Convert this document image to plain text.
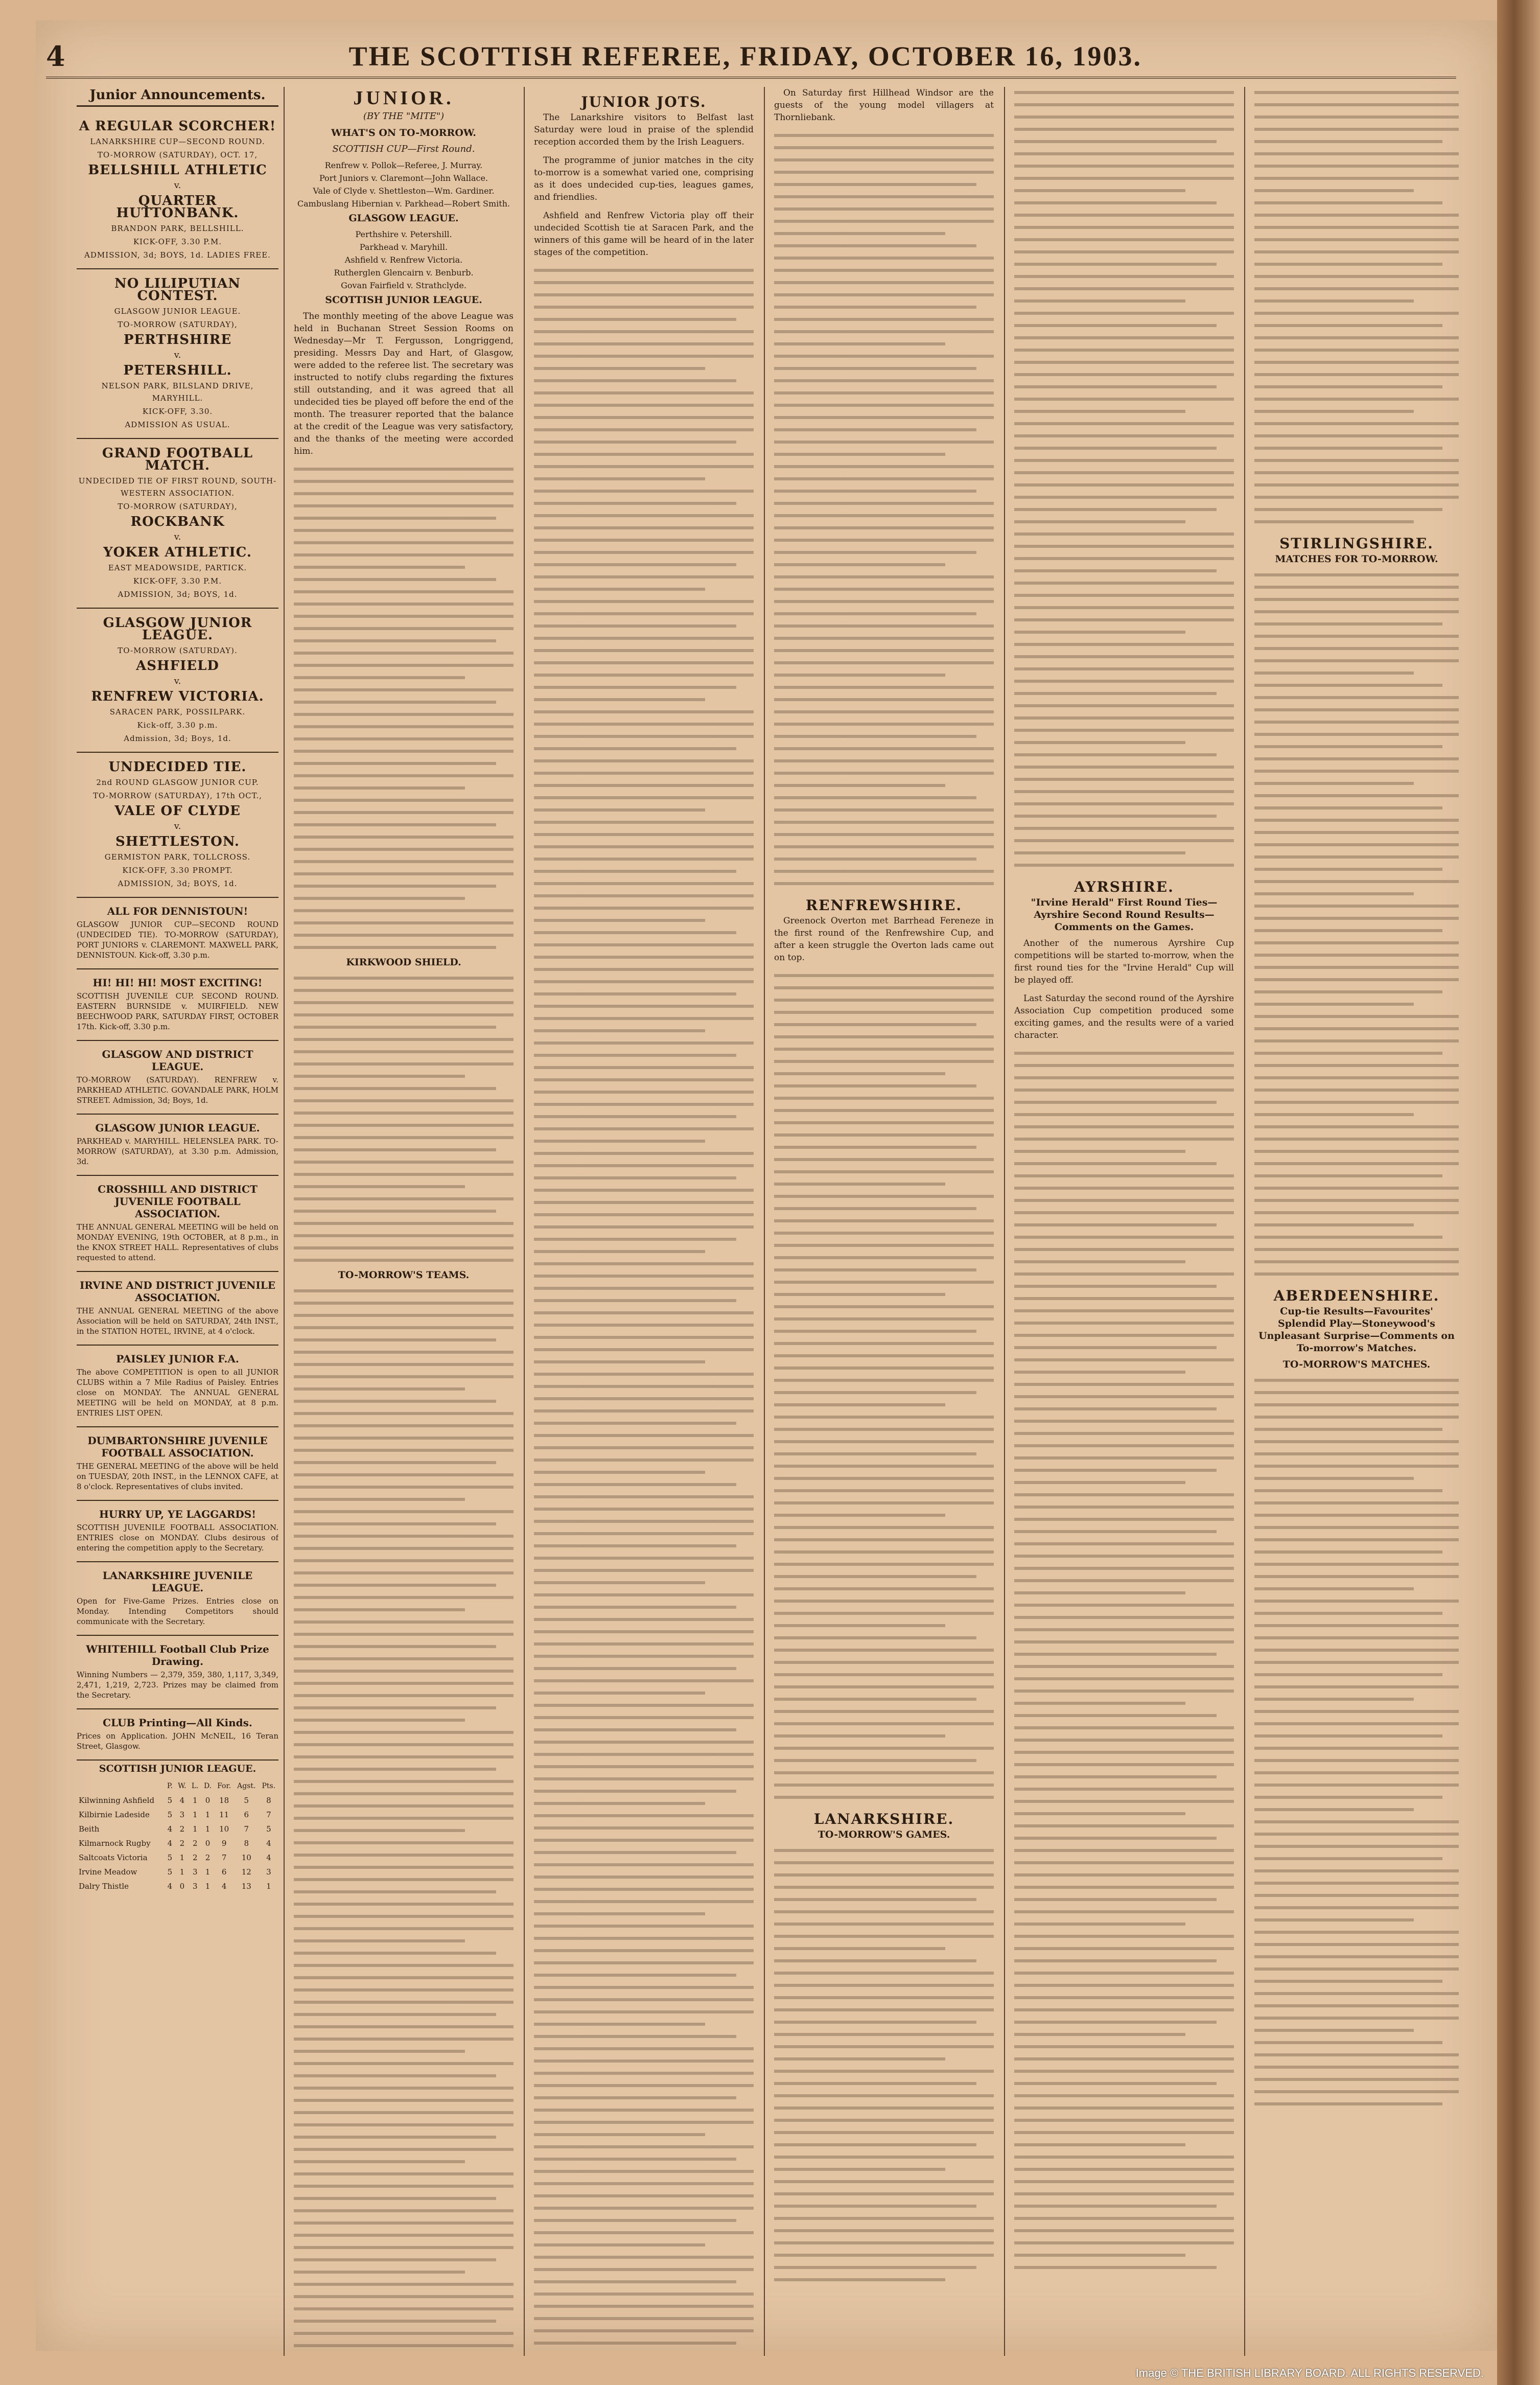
4	THE SCOTTISH REFEREE, FRIDAY, OCTOBER 16, 1903.
Junior Announcements.
A REGULAR SCORCHER!
LANARKSHIRE CUP—SECOND ROUND.
TO-MORROW (SATURDAY), OCT. 17,
BELLSHILL ATHLETIC
v.
QUARTER HUTTONBANK.
BRANDON PARK, BELLSHILL.
KICK-OFF, 3.30 P.M.
ADMISSION, 3d; BOYS, 1d. LADIES FREE.
NO LILIPUTIAN CONTEST.
GLASGOW JUNIOR LEAGUE.
TO-MORROW (SATURDAY),
PERTHSHIRE
v.
PETERSHILL.
NELSON PARK, BILSLAND DRIVE, MARYHILL.
KICK-OFF, 3.30.
ADMISSION AS USUAL.
GRAND FOOTBALL MATCH.
UNDECIDED TIE OF FIRST ROUND, SOUTH-WESTERN ASSOCIATION.
TO-MORROW (SATURDAY),
ROCKBANK
v.
YOKER ATHLETIC.
EAST MEADOWSIDE, PARTICK.
KICK-OFF, 3.30 P.M.
ADMISSION, 3d; BOYS, 1d.
GLASGOW JUNIOR LEAGUE.
TO-MORROW (SATURDAY).
ASHFIELD
v.
RENFREW VICTORIA.
SARACEN PARK, POSSILPARK.
Kick-off, 3.30 p.m.
Admission, 3d; Boys, 1d.
UNDECIDED TIE.
2nd ROUND GLASGOW JUNIOR CUP.
TO-MORROW (SATURDAY), 17th OCT.,
VALE OF CLYDE
v.
SHETTLESTON.
GERMISTON PARK, TOLLCROSS.
KICK-OFF, 3.30 PROMPT.
ADMISSION, 3d; BOYS, 1d.
ALL FOR DENNISTOUN!
GLASGOW JUNIOR CUP—SECOND ROUND (UNDECIDED TIE). TO-MORROW (SATURDAY), PORT JUNIORS v. CLAREMONT. MAXWELL PARK, DENNISTOUN. Kick-off, 3.30 p.m.
HI! HI! HI! MOST EXCITING!
SCOTTISH JUVENILE CUP. SECOND ROUND. EASTERN BURNSIDE v. MUIRFIELD. NEW BEECHWOOD PARK, SATURDAY FIRST, OCTOBER 17th. Kick-off, 3.30 p.m.
GLASGOW AND DISTRICT LEAGUE.
TO-MORROW (SATURDAY). RENFREW v. PARKHEAD ATHLETIC. GOVANDALE PARK, HOLM STREET. Admission, 3d; Boys, 1d.
GLASGOW JUNIOR LEAGUE.
PARKHEAD v. MARYHILL. HELENSLEA PARK. TO-MORROW (SATURDAY), at 3.30 p.m. Admission, 3d.
CROSSHILL AND DISTRICT JUVENILE FOOTBALL ASSOCIATION.
THE ANNUAL GENERAL MEETING will be held on MONDAY EVENING, 19th OCTOBER, at 8 p.m., in the KNOX STREET HALL. Representatives of clubs requested to attend.
IRVINE AND DISTRICT JUVENILE ASSOCIATION.
THE ANNUAL GENERAL MEETING of the above Association will be held on SATURDAY, 24th INST., in the STATION HOTEL, IRVINE, at 4 o'clock.
PAISLEY JUNIOR F.A.
The above COMPETITION is open to all JUNIOR CLUBS within a 7 Mile Radius of Paisley. Entries close on MONDAY. The ANNUAL GENERAL MEETING will be held on MONDAY, at 8 p.m. ENTRIES LIST OPEN.
DUMBARTONSHIRE JUVENILE FOOTBALL ASSOCIATION.
THE GENERAL MEETING of the above will be held on TUESDAY, 20th INST., in the LENNOX CAFE, at 8 o'clock. Representatives of clubs invited.
HURRY UP, YE LAGGARDS!
SCOTTISH JUVENILE FOOTBALL ASSOCIATION. ENTRIES close on MONDAY. Clubs desirous of entering the competition apply to the Secretary.
LANARKSHIRE JUVENILE LEAGUE.
Open for Five-Game Prizes. Entries close on Monday. Intending Competitors should communicate with the Secretary.
WHITEHILL Football Club Prize Drawing.
Winning Numbers — 2,379, 359, 380, 1,117, 3,349, 2,471, 1,219, 2,723. Prizes may be claimed from the Secretary.
CLUB Printing—All Kinds.
Prices on Application. JOHN McNEIL, 16 Teran Street, Glasgow.
SCOTTISH JUNIOR LEAGUE.
	P.	W.	L.	D.	For.	Agst.	Pts.
Kilwinning Ashfield	5	4	1	0	18	5	8
Kilbirnie Ladeside	5	3	1	1	11	6	7
Beith	4	2	1	1	10	7	5
Kilmarnock Rugby	4	2	2	0	9	8	4
Saltcoats Victoria	5	1	2	2	7	10	4
Irvine Meadow	5	1	3	1	6	12	3
Dalry Thistle	4	0	3	1	4	13	1
JUNIOR.
(BY THE "MITE")
WHAT'S ON TO-MORROW.
SCOTTISH CUP—First Round.
Renfrew v. Pollok—Referee, J. Murray.
Port Juniors v. Claremont—John Wallace.
Vale of Clyde v. Shettleston—Wm. Gardiner.
Cambuslang Hibernian v. Parkhead—Robert Smith.
GLASGOW LEAGUE.
Perthshire v. Petershill.
Parkhead v. Maryhill.
Ashfield v. Renfrew Victoria.
Rutherglen Glencairn v. Benburb.
Govan Fairfield v. Strathclyde.
SCOTTISH JUNIOR LEAGUE.

The monthly meeting of the above League was held in Buchanan Street Session Rooms on Wednesday—Mr T. Fergusson, Longriggend, presiding. Messrs Day and Hart, of Glasgow, were added to the referee list. The secretary was instructed to notify clubs regarding the fixtures still outstanding, and it was agreed that all undecided ties be played off before the end of the month. The treasurer reported that the balance at the credit of the League was very satisfactory, and the thanks of the meeting were accorded him.

KIRKWOOD SHIELD.
TO-MORROW'S TEAMS.
JUNIOR JOTS.

The Lanarkshire visitors to Belfast last Saturday were loud in praise of the splendid reception accorded them by the Irish Leaguers.

The programme of junior matches in the city to-morrow is a somewhat varied one, comprising as it does undecided cup-ties, leagues games, and friendlies.

Ashfield and Renfrew Victoria play off their undecided Scottish tie at Saracen Park, and the winners of this game will be heard of in the later stages of the competition.

On Saturday first Hillhead Windsor are the guests of the young model villagers at Thornliebank.

RENFREWSHIRE.

Greenock Overton met Barrhead Fereneze in the first round of the Renfrewshire Cup, and after a keen struggle the Overton lads came out on top.

LANARKSHIRE.
TO-MORROW'S GAMES.
AYRSHIRE.
"Irvine Herald" First Round Ties—Ayrshire Second Round Results—Comments on the Games.

Another of the numerous Ayrshire Cup competitions will be started to-morrow, when the first round ties for the "Irvine Herald" Cup will be played off.

Last Saturday the second round of the Ayrshire Association Cup competition produced some exciting games, and the results were of a varied character.

STIRLINGSHIRE.
MATCHES FOR TO-MORROW.
ABERDEENSHIRE.
Cup-tie Results—Favourites' Splendid Play—Stoneywood's Unpleasant Surprise—Comments on To-morrow's Matches.
TO-MORROW'S MATCHES.
Image © THE BRITISH LIBRARY BOARD. ALL RIGHTS RESERVED.
